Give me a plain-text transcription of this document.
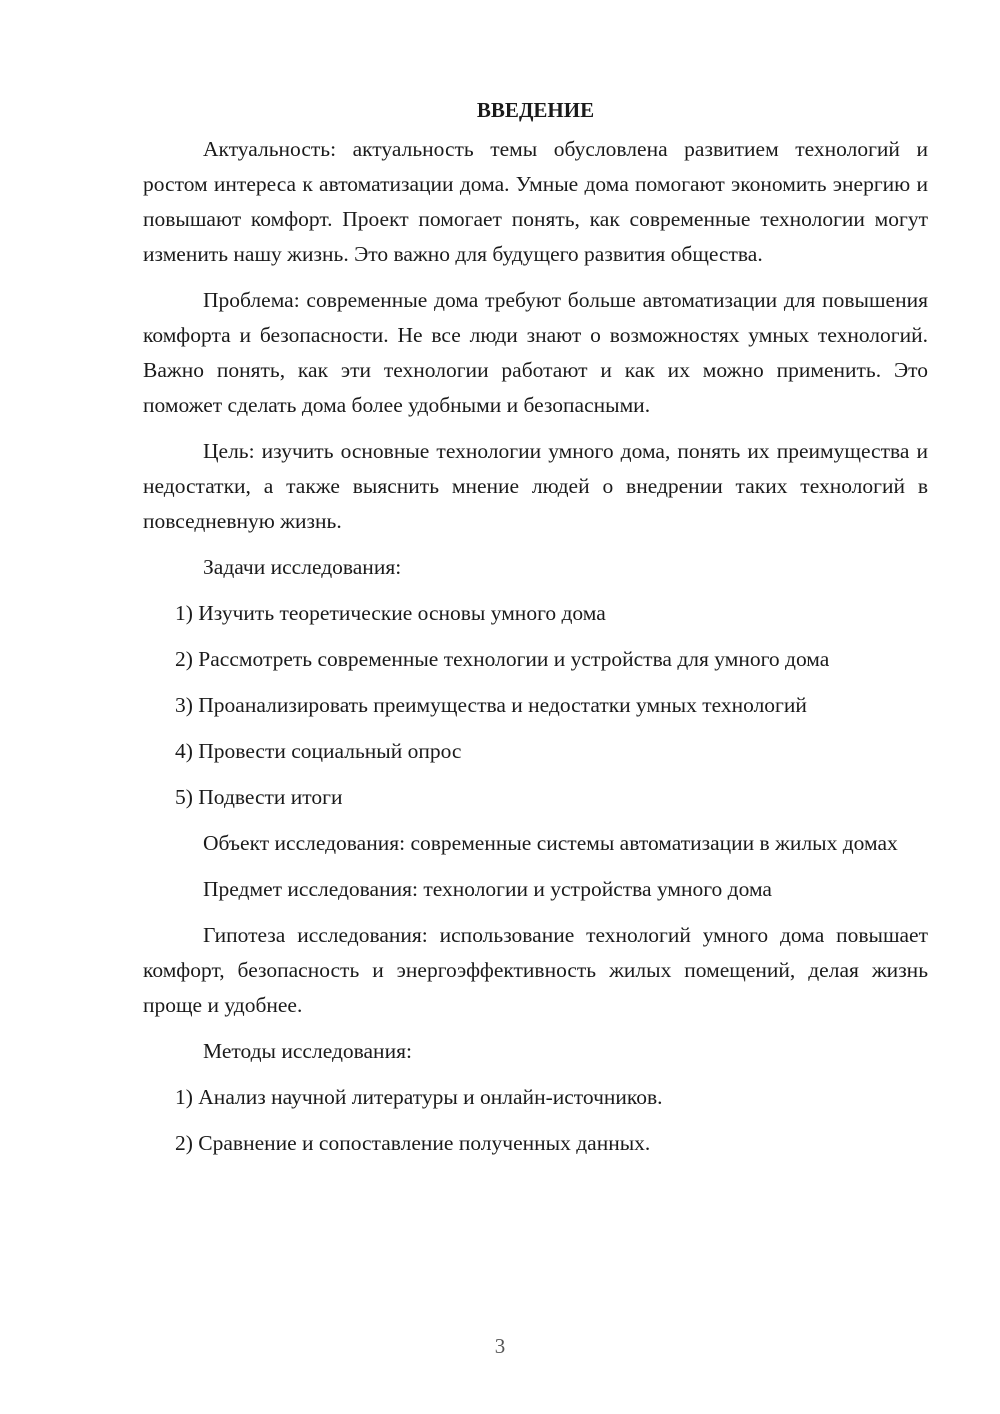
ВВЕДЕНИЕ

Актуальность: актуальность темы обусловлена развитием технологий и ростом интереса к автоматизации дома. Умные дома помогают экономить энергию и повышают комфорт. Проект помогает понять, как современные технологии могут изменить нашу жизнь. Это важно для будущего развития общества.

Проблема: современные дома требуют больше автоматизации для повышения комфорта и безопасности. Не все люди знают о возможностях умных технологий. Важно понять, как эти технологии работают и как их можно применить. Это поможет сделать дома более удобными и безопасными.

Цель: изучить основные технологии умного дома, понять их преимущества и недостатки, а также выяснить мнение людей о внедрении таких технологий в повседневную жизнь.

Задачи исследования:

1) Изучить теоретические основы умного дома

2) Рассмотреть современные технологии и устройства для умного дома

3) Проанализировать преимущества и недостатки умных технологий

4) Провести социальный опрос

5) Подвести итоги

Объект исследования: современные системы автоматизации в жилых домах

Предмет исследования: технологии и устройства умного дома

Гипотеза исследования: использование технологий умного дома повышает комфорт, безопасность и энергоэффективность жилых помещений, делая жизнь проще и удобнее.

Методы исследования:

1) Анализ научной литературы и онлайн-источников.

2) Сравнение и сопоставление полученных данных.

3
